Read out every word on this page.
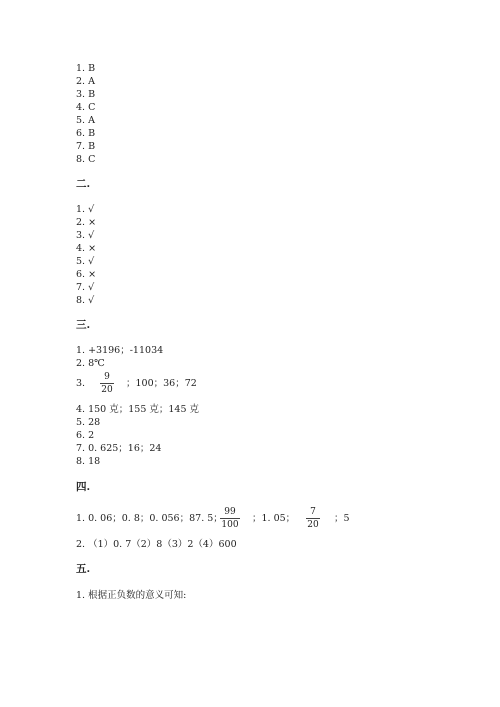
1. B
2. A
3. B
4. C
5. A
6. B
7. B
8. C
二.
1. √
2. ×
3. √
4. ×
5. √
6. ×
7. √
8. √
三.
1. +3196；-11034
2. 8℃
3. $\frac{9}{20}$ ；100；36；72
4. 150 克；155 克；145 克
5. 28
6. 2
7. 0. 625；16；24
8. 18
四.
1. 0. 06；0. 8；0. 056；87. 5；
$\frac{99}{100}$ ；1. 05； $\frac{7}{20}$ ；5
2. （1）0. 7（2）8（3）2（4）600
五.
1. 根据正负数的意义可知:
